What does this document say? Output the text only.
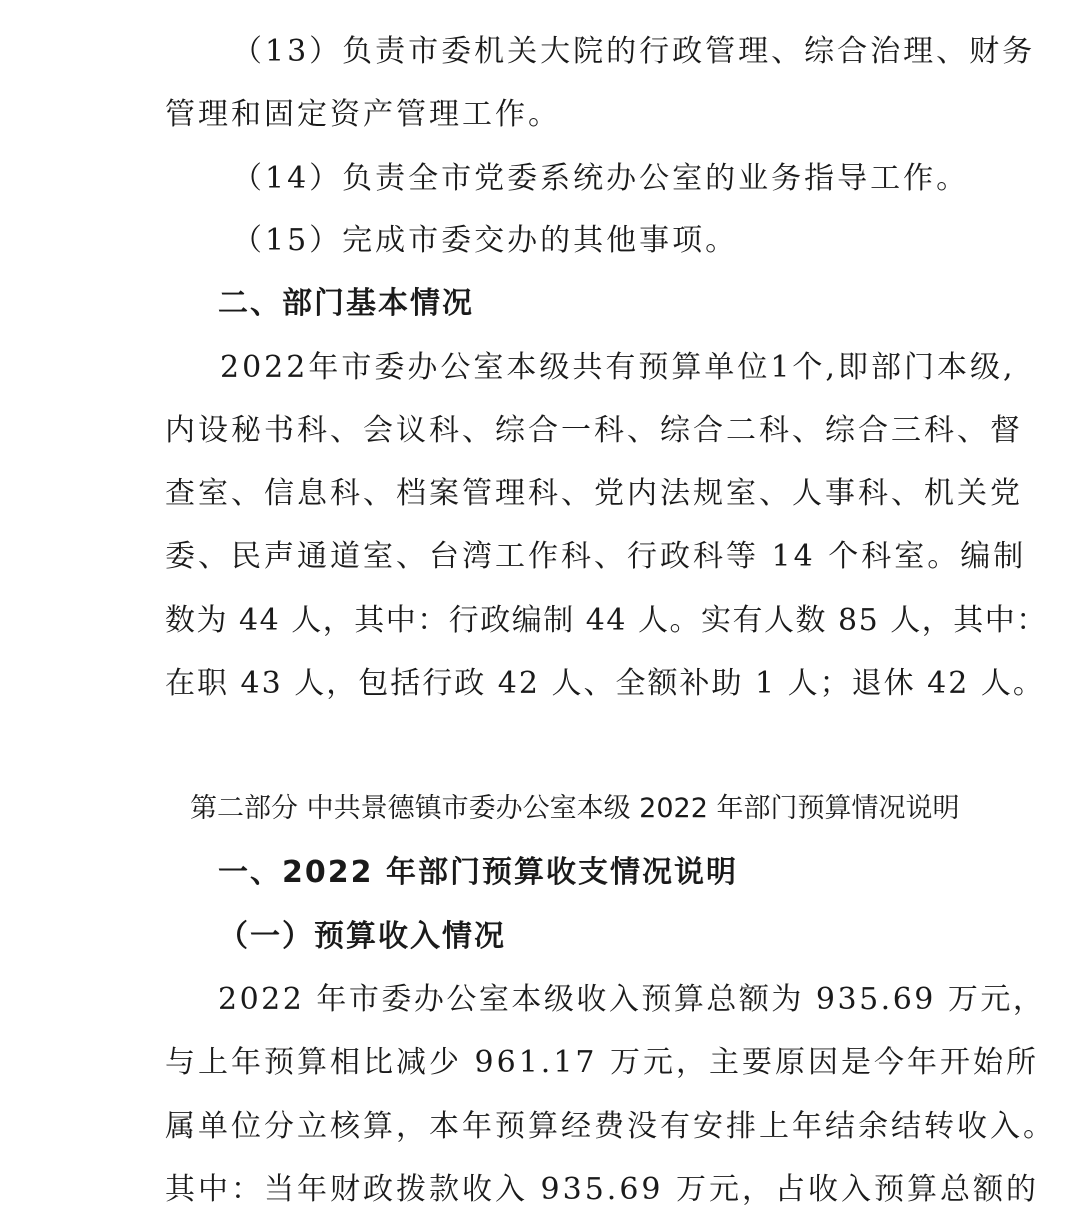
（13）负责市委机关大院的行政管理、综合治理、财务
管理和固定资产管理工作。
（14）负责全市党委系统办公室的业务指导工作。
（15）完成市委交办的其他事项。
二、部门基本情况
2022年市委办公室本级共有预算单位1个,即部门本级,
内设秘书科、会议科、综合一科、综合二科、综合三科、督
查室、信息科、档案管理科、党内法规室、人事科、机关党
委、民声通道室、台湾工作科、行政科等 14 个科室。编制
数为 44 人，其中：行政编制 44 人。实有人数 85 人，其中：
在职 43 人，包括行政 42 人、全额补助 1 人；退休 42 人。
第二部分 中共景德镇市委办公室本级 2022 年部门预算情况说明
一、2022 年部门预算收支情况说明
（一）预算收入情况
2022 年市委办公室本级收入预算总额为 935.69 万元，
与上年预算相比减少 961.17 万元，主要原因是今年开始所
属单位分立核算，本年预算经费没有安排上年结余结转收入。
其中：当年财政拨款收入 935.69 万元，占收入预算总额的
